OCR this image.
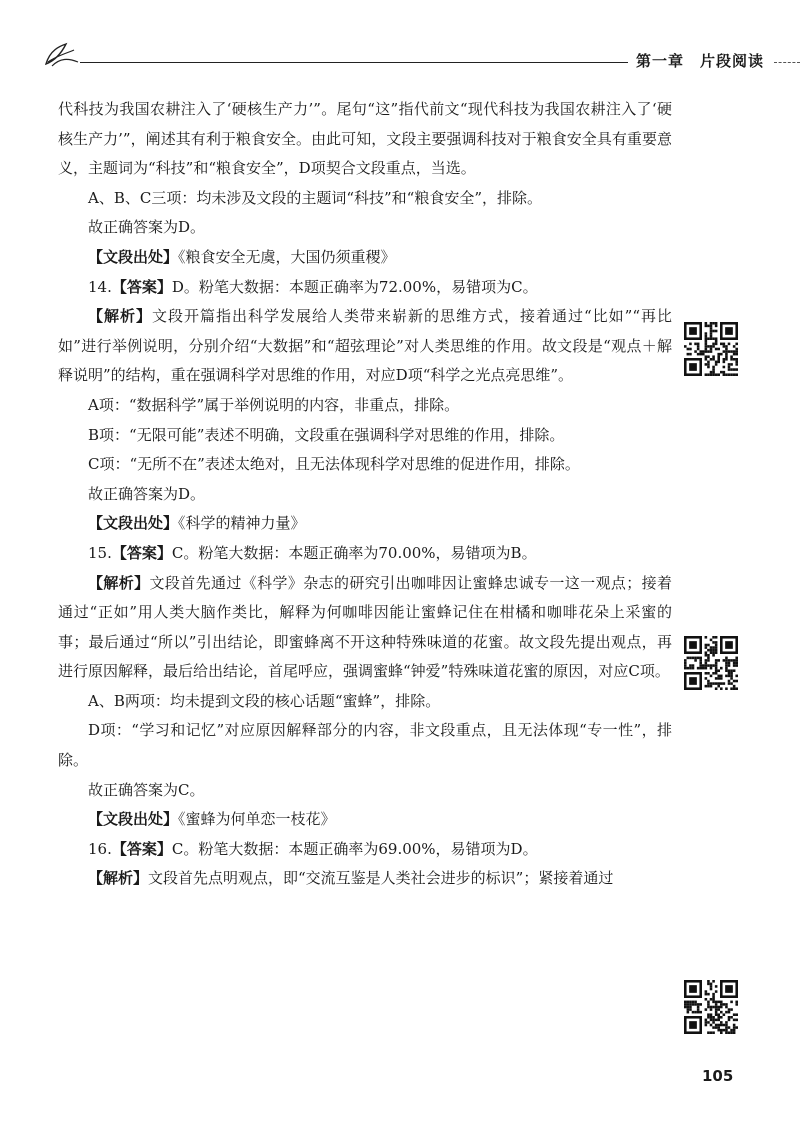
第一章　片段阅读

代科技为我国农耕注入了‘硬核生产力’”。尾句“这”指代前文“现代科技为我国农耕注入了‘硬核生产力’”，阐述其有利于粮食安全。由此可知，文段主要强调科技对于粮食安全具有重要意义，主题词为“科技”和“粮食安全”，D项契合文段重点，当选。

A、B、C三项：均未涉及文段的主题词“科技”和“粮食安全”，排除。

故正确答案为D。

【文段出处】《粮食安全无虞，大国仍须重稷》

14.【答案】D。粉笔大数据：本题正确率为72.00%，易错项为C。

【解析】文段开篇指出科学发展给人类带来崭新的思维方式，接着通过“比如”“再比如”进行举例说明，分别介绍“大数据”和“超弦理论”对人类思维的作用。故文段是“观点＋解释说明”的结构，重在强调科学对思维的作用，对应D项“科学之光点亮思维”。

A项：“数据科学”属于举例说明的内容，非重点，排除。

B项：“无限可能”表述不明确，文段重在强调科学对思维的作用，排除。

C项：“无所不在”表述太绝对，且无法体现科学对思维的促进作用，排除。

故正确答案为D。

【文段出处】《科学的精神力量》

15.【答案】C。粉笔大数据：本题正确率为70.00%，易错项为B。

【解析】文段首先通过《科学》杂志的研究引出咖啡因让蜜蜂忠诚专一这一观点；接着通过“正如”用人类大脑作类比，解释为何咖啡因能让蜜蜂记住在柑橘和咖啡花朵上采蜜的事；最后通过“所以”引出结论，即蜜蜂离不开这种特殊味道的花蜜。故文段先提出观点，再进行原因解释，最后给出结论，首尾呼应，强调蜜蜂“钟爱”特殊味道花蜜的原因，对应C项。

A、B两项：均未提到文段的核心话题“蜜蜂”，排除。

D项：“学习和记忆”对应原因解释部分的内容，非文段重点，且无法体现“专一性”，排除。

故正确答案为C。

【文段出处】《蜜蜂为何单恋一枝花》

16.【答案】C。粉笔大数据：本题正确率为69.00%，易错项为D。

【解析】文段首先点明观点，即“交流互鉴是人类社会进步的标识”；紧接着通过

105
